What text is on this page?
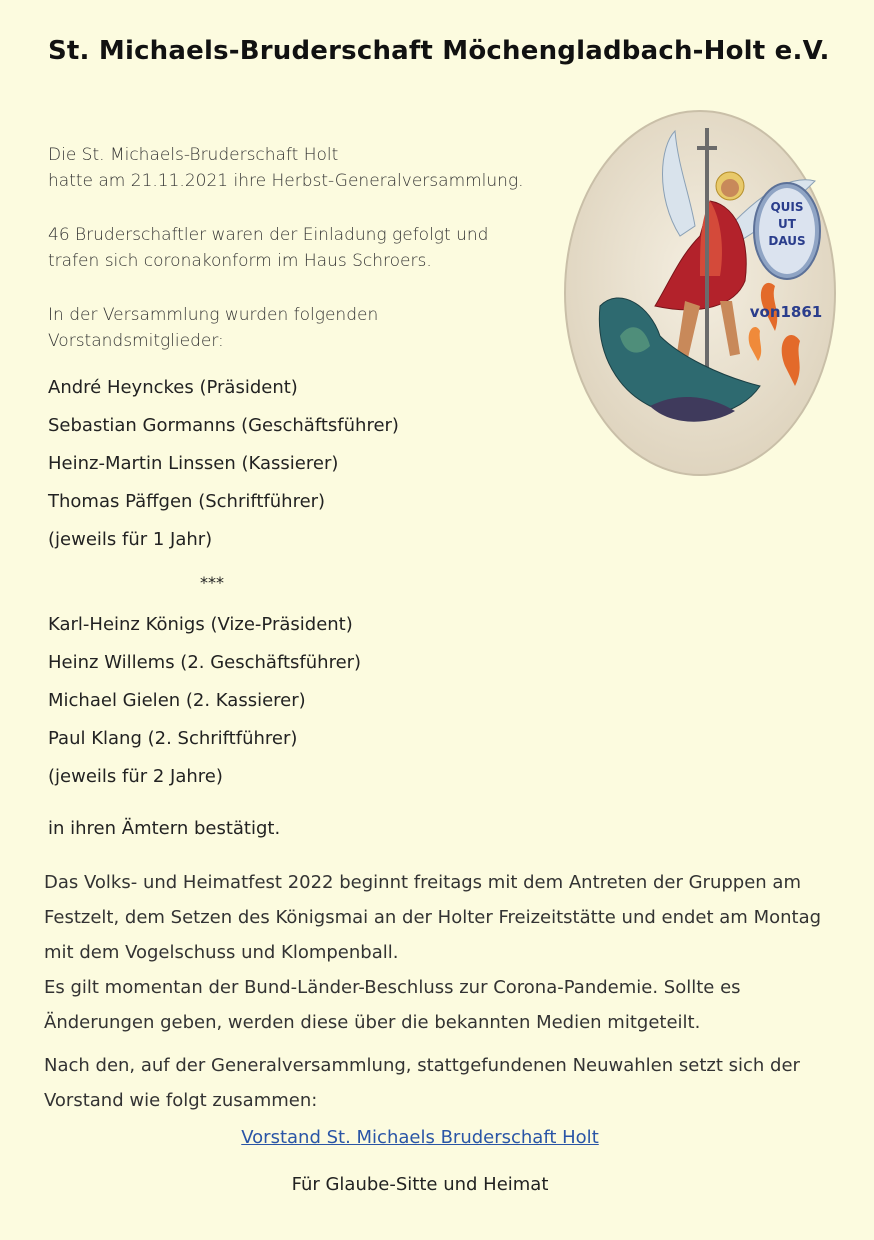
St. Michaels-Bruderschaft Möchengladbach-Holt e.V.

Die St. Michaels-Bruderschaft Holt

hatte am 21.11.2021 ihre Herbst-Generalversammlung.

46 Bruderschaftler waren der Einladung gefolgt und

trafen sich coronakonform im Haus Schroers.

In der Versammlung wurden folgenden

Vorstandsmitglieder:

André Heynckes (Präsident)
Sebastian Gormanns (Geschäftsführer)
Heinz-Martin Linssen (Kassierer)
Thomas Päffgen (Schriftführer)
(jeweils für 1 Jahr)
***
Karl-Heinz Königs (Vize-Präsident)
Heinz Willems (2. Geschäftsführer)
Michael Gielen (2. Kassierer)
Paul Klang (2. Schriftführer)
(jeweils für 2 Jahre)
in ihren Ämtern bestätigt.
Das Volks- und Heimatfest 2022 beginnt freitags mit dem Antreten der Gruppen am Festzelt, dem Setzen des Königsmai an der Holter Freizeitstätte und endet am Montag mit dem Vogelschuss und Klompenball.
Es gilt momentan der Bund-Länder-Beschluss zur Corona-Pandemie. Sollte es Änderungen geben, werden diese über die bekannten Medien mitgeteilt.
Nach den, auf der Generalversammlung, stattgefundenen Neuwahlen setzt sich der Vorstand wie folgt zusammen:
Vorstand St. Michaels Bruderschaft Holt
Für Glaube-Sitte und Heimat
QUIS
UT
DAUS
von1861
